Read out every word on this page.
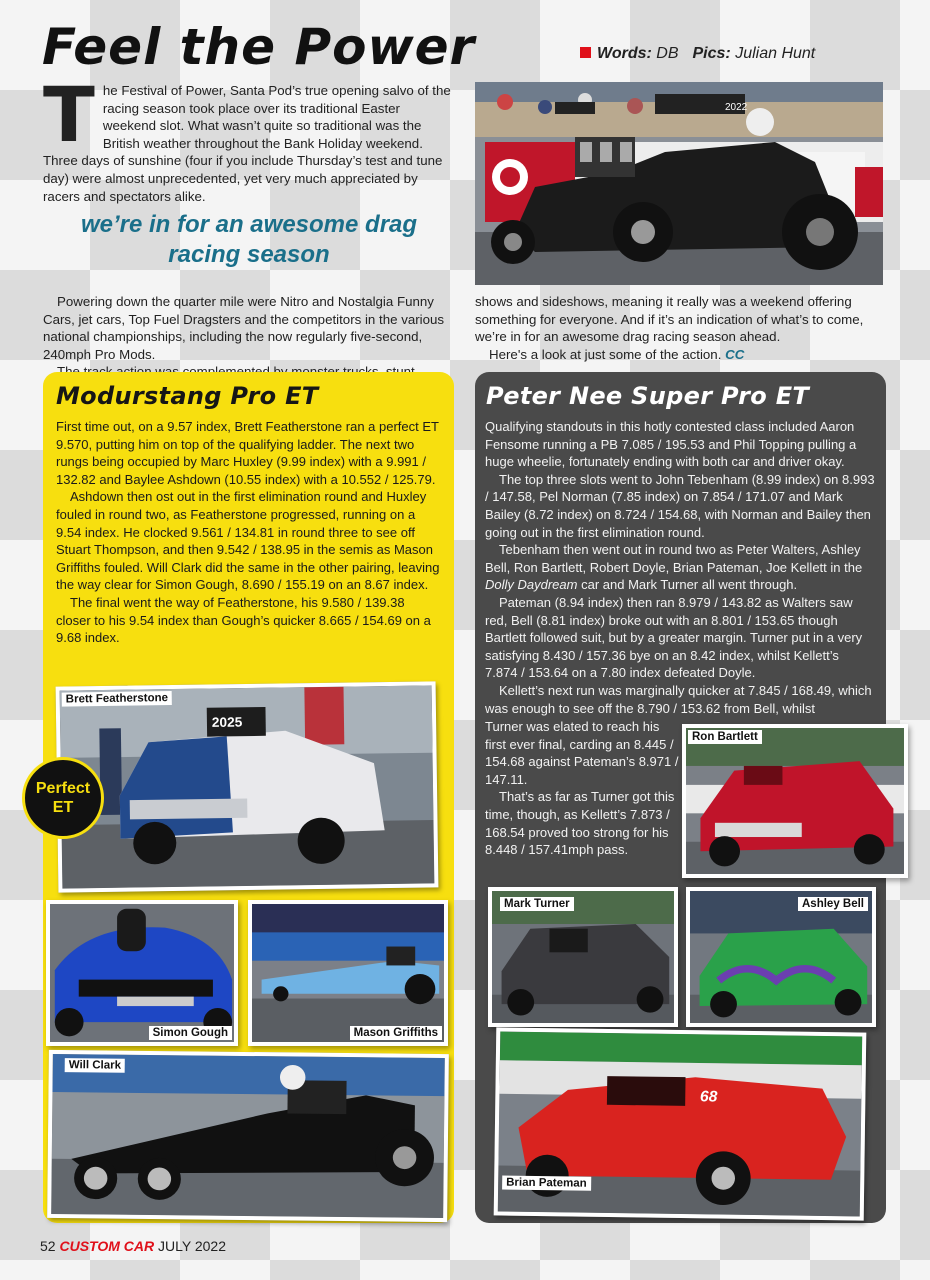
Feel the Power	Words: DB Pics: Julian Hunt
T he Festival of Power, Santa Pod’s true opening salvo of the racing season took place over its traditional Easter weekend slot. What wasn’t quite so traditional was the British weather throughout the Bank Holiday weekend. Three days of sunshine (four if you include Thursday’s test and tune day) were almost unprecedented, yet very much appreciated by racers and spectators alike.
we’re in for an awesome drag racing season

Powering down the quarter mile were Nitro and Nostalgia Funny Cars, jet cars, Top Fuel Dragsters and the competitors in the various national championships, including the now regularly five-second, 240mph Pro Mods.

shows and sideshows, meaning it really was a weekend offering something for everyone. And if it’s an indication of what’s to come, we’re in for an awesome drag racing season ahead.

Here's a look at just some of the action. CC

2022
Modurstang Pro ET

First time out, on a 9.57 index, Brett Featherstone ran a perfect ET 9.570, putting him on top of the qualifying ladder. The next two rungs being occupied by Marc Huxley (9.99 index) with a 9.991 / 132.82 and Baylee Ashdown (10.55 index) with a 10.552 / 125.79.

Ashdown then ost out in the first elimination round and Huxley fouled in round two, as Featherstone progressed, running on a 9.54 index. He clocked 9.561 / 134.81 in round three to see off Stuart Thompson, and then 9.542 / 138.95 in the semis as Mason Griffiths fouled. Will Clark did the same in the other pairing, leaving the way clear for Simon Gough, 8.690 / 155.19 on an 8.67 index.

The final went the way of Featherstone, his 9.580 / 139.38 closer to his 9.54 index than Gough’s quicker 8.665 / 154.69 on a 9.68 index.

2025
Brett Featherstone
Perfect
ET
Simon Gough	Mason Griffiths
Will Clark
Peter Nee Super Pro ET

Qualifying standouts in this hotly contested class included Aaron Fensome running a PB 7.085 / 195.53 and Phil Topping pulling a huge wheelie, fortunately ending with both car and driver okay.

The top three slots went to John Tebenham (8.99 index) on 8.993 / 147.58, Pel Norman (7.85 index) on 7.854 / 171.07 and Mark Bailey (8.72 index) on 8.724 / 154.68, with Norman and Bailey then going out in the first elimination round.

Tebenham then went out in round two as Peter Walters, Ashley Bell, Ron Bartlett, Robert Doyle, Brian Pateman, Joe Kellett in the Dolly Daydream car and Mark Turner all went through.

Pateman (8.94 index) then ran 8.979 / 143.82 as Walters saw red, Bell (8.81 index) broke out with an 8.801 / 153.65 though Bartlett followed suit, but by a greater margin. Turner put in a very satisfying 8.430 / 157.36 bye on an 8.42 index, whilst Kellett’s 7.874 / 153.64 on a 7.80 index defeated Doyle.

Kellett’s next run was marginally quicker at 7.845 / 168.49, which was enough to see off the 8.790 / 153.62 from Bell, whilst

Turner was elated to reach his first ever final, carding an 8.445 / 154.68 against Pateman’s 8.971 / 147.11.

That’s as far as Turner got this time, though, as Kellett’s 7.873 / 168.54 proved too strong for his 8.448 / 157.41mph pass.

Ron Bartlett
Mark Turner	Ashley Bell
68
Brian Pateman
52 CUSTOM CAR JULY 2022
